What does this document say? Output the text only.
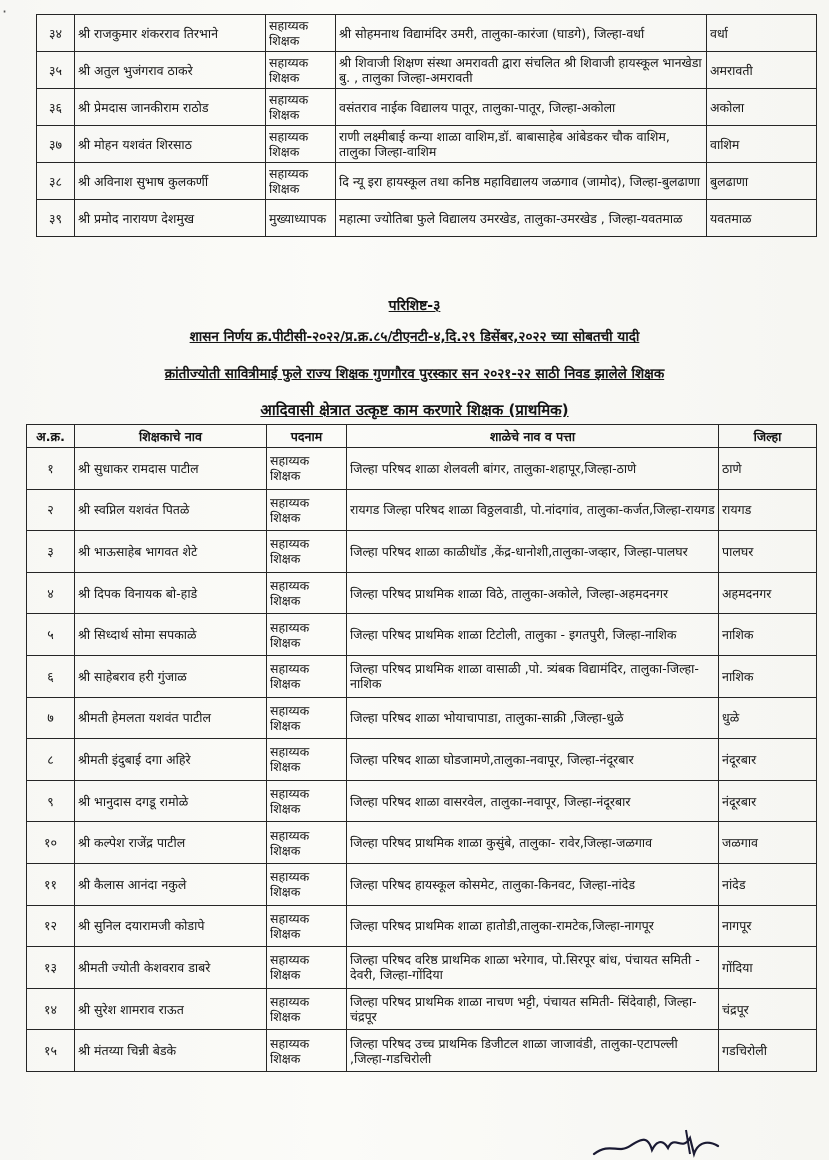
·
३४	श्री राजकुमार शंकरराव तिरभाने	सहाय्यक शिक्षक	श्री सोहमनाथ विद्यामंदिर उमरी, तालुका-कारंजा (घाडगे), जिल्हा-वर्धा	वर्धा
३५	श्री अतुल भुजंगराव ठाकरे	सहाय्यक शिक्षक	श्री शिवाजी शिक्षण संस्था अमरावती द्वारा संचलित श्री शिवाजी हायस्कूल भानखेडा बु. , तालुका जिल्हा-अमरावती	अमरावती
३६	श्री प्रेमदास जानकीराम राठोड	सहाय्यक शिक्षक	वसंतराव नाईक विद्यालय पातूर, तालुका-पातूर, जिल्हा-अकोला	अकोला
३७	श्री मोहन यशवंत शिरसाठ	सहाय्यक शिक्षक	राणी लक्ष्मीबाई कन्या शाळा वाशिम,डॉ. बाबासाहेब आंबेडकर चौक वाशिम, तालुका जिल्हा-वाशिम	वाशिम
३८	श्री अविनाश सुभाष कुलकर्णी	सहाय्यक शिक्षक	दि न्यू इरा हायस्कूल तथा कनिष्ठ महाविद्यालय जळगाव (जामोद), जिल्हा-बुलढाणा	बुलढाणा
३९	श्री प्रमोद नारायण देशमुख	मुख्याध्यापक	महात्मा ज्योतिबा फुले विद्यालय उमरखेड, तालुका-उमरखेड , जिल्हा-यवतमाळ	यवतमाळ
परिशिष्ट-३
शासन निर्णय क्र.पीटीसी-२०२२/प्र.क्र.८५/टीएनटी-४,दि.२९ डिसेंबर,२०२२ च्या सोबतची यादी
क्रांतीज्योती सावित्रीमाई फुले राज्य शिक्षक गुणगौरव पुरस्कार सन २०२१-२२ साठी निवड झालेले शिक्षक
आदिवासी क्षेत्रात उत्कृष्ट काम करणारे शिक्षक (प्राथमिक)
अ.क्र.	शिक्षकाचे नाव	पदनाम	शाळेचे नाव व पत्ता	जिल्हा
१	श्री सुधाकर रामदास पाटील	सहाय्यक शिक्षक	जिल्हा परिषद शाळा शेलवली बांगर, तालुका-शहापूर,जिल्हा-ठाणे	ठाणे
२	श्री स्वप्निल यशवंत पितळे	सहाय्यक शिक्षक	रायगड जिल्हा परिषद शाळा विठ्ठलवाडी, पो.नांदगांव, तालुका-कर्जत,जिल्हा-रायगड	रायगड
३	श्री भाऊसाहेब भागवत शेटे	सहाय्यक शिक्षक	जिल्हा परिषद शाळा काळीधोंड ,केंद्र-धानोशी,तालुका-जव्हार, जिल्हा-पालघर	पालघर
४	श्री दिपक विनायक बो-हाडे	सहाय्यक शिक्षक	जिल्हा परिषद प्राथमिक शाळा विठे, तालुका-अकोले, जिल्हा-अहमदनगर	अहमदनगर
५	श्री सिध्दार्थ सोमा सपकाळे	सहाय्यक शिक्षक	जिल्हा परिषद प्राथमिक शाळा टिटोली, तालुका - इगतपुरी, जिल्हा-नाशिक	नाशिक
६	श्री साहेबराव हरी गुंजाळ	सहाय्यक शिक्षक	जिल्हा परिषद प्राथमिक शाळा वासाळी ,पो. त्र्यंबक विद्यामंदिर, तालुका-जिल्हा-नाशिक	नाशिक
७	श्रीमती हेमलता यशवंत पाटील	सहाय्यक शिक्षक	जिल्हा परिषद शाळा भोयाचापाडा, तालुका-साक्री ,जिल्हा-धुळे	धुळे
८	श्रीमती इंदुबाई दगा अहिरे	सहाय्यक शिक्षक	जिल्हा परिषद शाळा घोडजामणे,तालुका-नवापूर, जिल्हा-नंदूरबार	नंदूरबार
९	श्री भानुदास दगडू रामोळे	सहाय्यक शिक्षक	जिल्हा परिषद शाळा वासरवेल, तालुका-नवापूर, जिल्हा-नंदूरबार	नंदूरबार
१०	श्री कल्पेश राजेंद्र पाटील	सहाय्यक शिक्षक	जिल्हा परिषद प्राथमिक शाळा कुसुंबे, तालुका- रावेर,जिल्हा-जळगाव	जळगाव
११	श्री कैलास आनंदा नकुले	सहाय्यक शिक्षक	जिल्हा परिषद हायस्कूल कोसमेट, तालुका-किनवट, जिल्हा-नांदेड	नांदेड
१२	श्री सुनिल दयारामजी कोडापे	सहाय्यक शिक्षक	जिल्हा परिषद प्राथमिक शाळा हातोडी,तालुका-रामटेक,जिल्हा-नागपूर	नागपूर
१३	श्रीमती ज्योती केशवराव डाबरे	सहाय्यक शिक्षक	जिल्हा परिषद वरिष्ठ प्राथमिक शाळा भरेगाव, पो.सिरपूर बांध, पंचायत समिती - देवरी, जिल्हा-गोंदिया	गोंदिया
१४	श्री सुरेश शामराव राऊत	सहाय्यक शिक्षक	जिल्हा परिषद प्राथमिक शाळा नाचण भट्टी, पंचायत समिती- सिंदेवाही, जिल्हा-चंद्रपूर	चंद्रपूर
१५	श्री मंतय्या चिन्नी बेडके	सहाय्यक शिक्षक	जिल्हा परिषद उच्च प्राथमिक डिजीटल शाळा जाजावंडी, तालुका-एटापल्ली ,जिल्हा-गडचिरोली	गडचिरोली
